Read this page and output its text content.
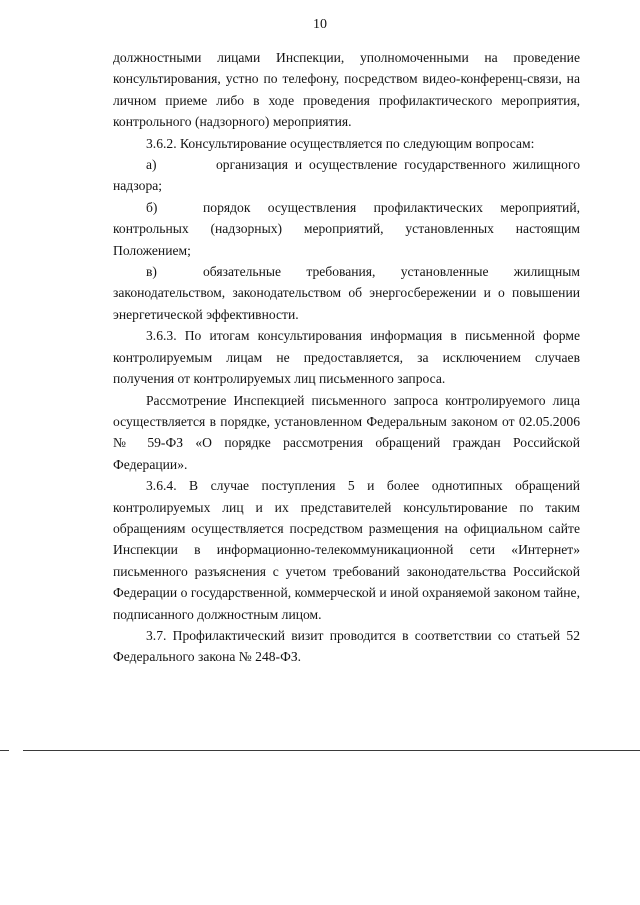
10

должностными лицами Инспекции, уполномоченными на проведение консультирования, устно по телефону, посредством видео-конференц-связи, на личном приеме либо в ходе проведения профилактического мероприятия, контрольного (надзорного) мероприятия.

3.6.2. Консультирование осуществляется по следующим вопросам:

а)	организация и осуществление государственного жилищного надзора;

б)	порядок осуществления профилактических мероприятий, контрольных (надзорных) мероприятий, установленных настоящим Положением;

в)	обязательные требования, установленные жилищным законодательством, законодательством об энергосбережении и о повышении энергетической эффективности.

3.6.3. По итогам консультирования информация в письменной форме контролируемым лицам не предоставляется, за исключением случаев получения от контролируемых лиц письменного запроса.

Рассмотрение Инспекцией письменного запроса контролируемого лица осуществляется в порядке, установленном Федеральным законом от 02.05.2006 № 59-ФЗ «О порядке рассмотрения обращений граждан Российской Федерации».

3.6.4. В случае поступления 5 и более однотипных обращений контролируемых лиц и их представителей консультирование по таким обращениям осуществляется посредством размещения на официальном сайте Инспекции в информационно-телекоммуникационной сети «Интернет» письменного разъяснения с учетом требований законодательства Российской Федерации о государственной, коммерческой и иной охраняемой законом тайне, подписанного должностным лицом.

3.7. Профилактический визит проводится в соответствии со статьей 52 Федерального закона № 248-ФЗ.
